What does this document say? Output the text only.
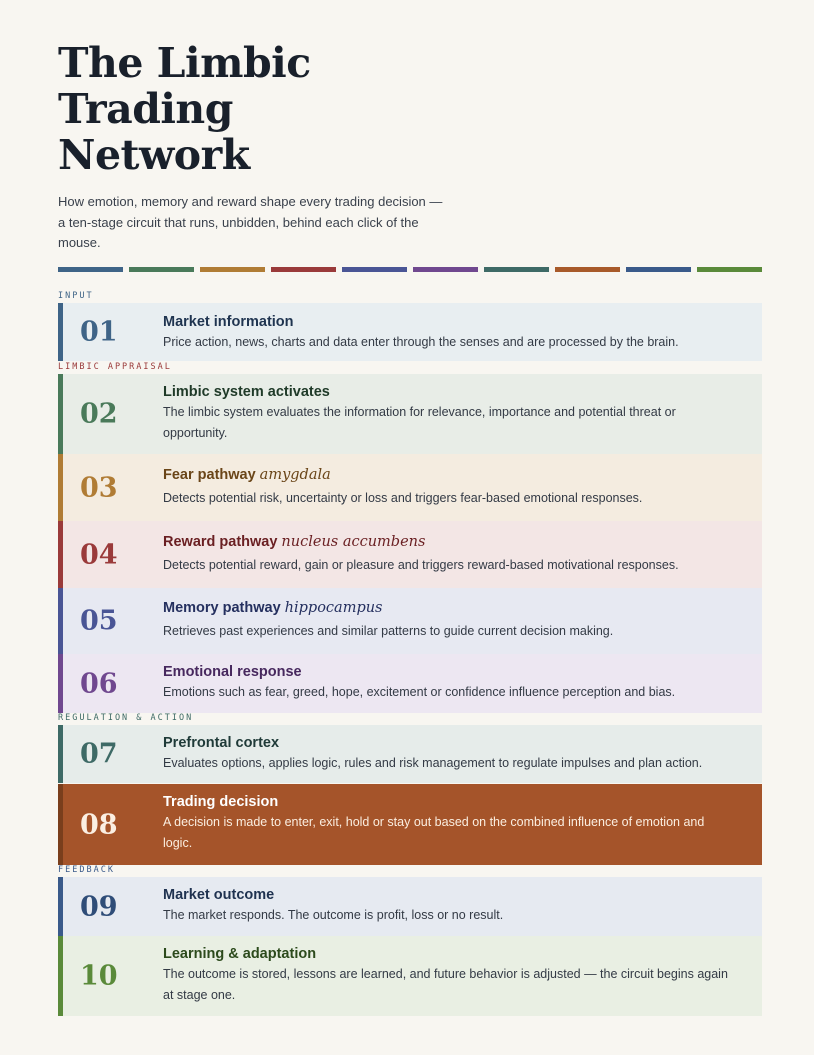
The Limbic Trading Network
How emotion, memory and reward shape every trading decision — a ten-stage circuit that runs, unbidden, behind each click of the mouse.
INPUT
01	Market information
Price action, news, charts and data enter through the senses and are processed by the brain.
LIMBIC APPRAISAL
02
Limbic system activates
The limbic system evaluates the information for relevance, importance and potential threat or opportunity.
03	Fear pathway amygdala
Detects potential risk, uncertainty or loss and triggers fear-based emotional responses.
04	Reward pathway nucleus accumbens
Detects potential reward, gain or pleasure and triggers reward-based motivational responses.
05	Memory pathway hippocampus
Retrieves past experiences and similar patterns to guide current decision making.
06	Emotional response
Emotions such as fear, greed, hope, excitement or confidence influence perception and bias.
REGULATION & ACTION
07	Prefrontal cortex
Evaluates options, applies logic, rules and risk management to regulate impulses and plan action.
08
Trading decision
A decision is made to enter, exit, hold or stay out based on the combined influence of emotion and logic.
FEEDBACK
09	Market outcome
The market responds. The outcome is profit, loss or no result.
10
Learning & adaptation
The outcome is stored, lessons are learned, and future behavior is adjusted — the circuit begins again at stage one.
